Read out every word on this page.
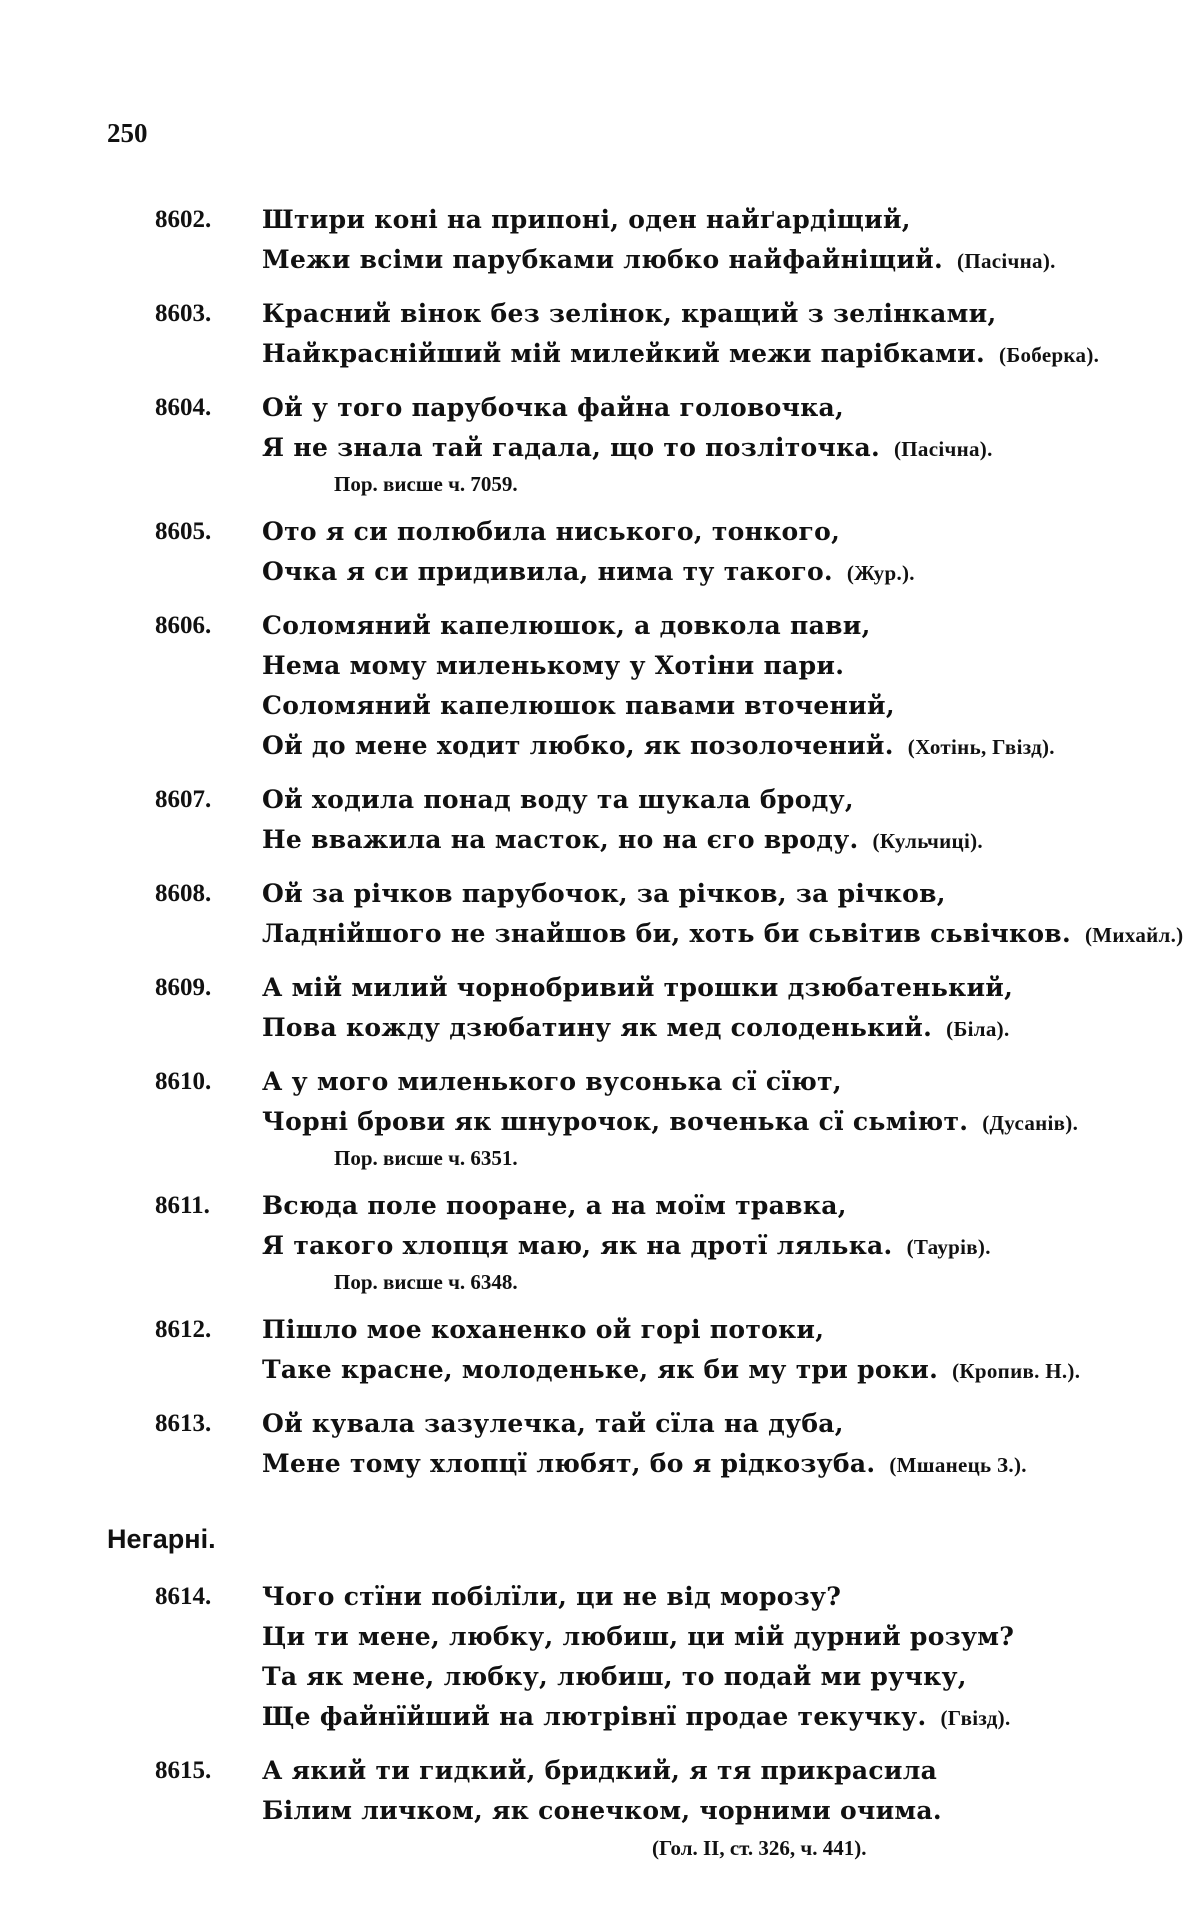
250
8602. Штири коні на припоні, оден найґардіщий,
Межи всіми парубками любко найфайніщий. (Пасічна).
8603. Красний вінок без зелінок, кращий з зелінками,
Найкраснійший мій милейкий межи парібками. (Боберка).
8604. Ой у того парубочка файна головочка,
Я не знала тай гадала, що то позліточка. (Пасічна).
Пор. висше ч. 7059.
8605. Ото я си полюбила ниського, тонкого,
Очка я си придивила, нима ту такого. (Жур.).
8606. Соломяний капелюшок, а довкола пави,
Нема мому миленькому у Хотіни пари.
Соломяний капелюшок павами вточений,
Ой до мене ходит любко, як позолочений. (Хотінь, Гвізд).
8607. Ой ходила понад воду та шукала броду,
Не вважила на масток, но на єго вроду. (Кульчиці).
8608. Ой за річков парубочок, за річков, за річков,
Ладнійшого не знайшов би, хоть би сьвітив сьвічков. (Михайл.)
8609. А мій милий чорнобривий трошки дзюбатенький,
Пова кожду дзюбатину як мед солоденький. (Біла).
8610. А у мого миленького вусонька сї сїют,
Чорні брови як шнурочок, воченька сї сьміют. (Дусанів).
Пор. висше ч. 6351.
8611. Всюда поле пооране, а на моїм травка,
Я такого хлопця маю, як на дротї лялька. (Таурів).
Пор. висше ч. 6348.
8612. Пішло мое коханенко ой горі потоки,
Таке красне, молоденьке, як би му три роки. (Кропив. Н.).
8613. Ой кувала зазулечка, тай сїла на дуба,
Мене тому хлопцї любят, бо я рідкозуба. (Мшанець З.).
Негарні.
8614. Чого стїни побілїли, ци не від морозу?
Ци ти мене, любку, любиш, ци мій дурний розум?
Та як мене, любку, любиш, то подай ми ручку,
Ще файнїйший на лютрівнї продае текучку. (Гвізд).
8615. А який ти гидкий, бридкий, я тя прикрасила
Білим личком, як сонечком, чорними очима.
(Гол. II, ст. 326, ч. 441).
